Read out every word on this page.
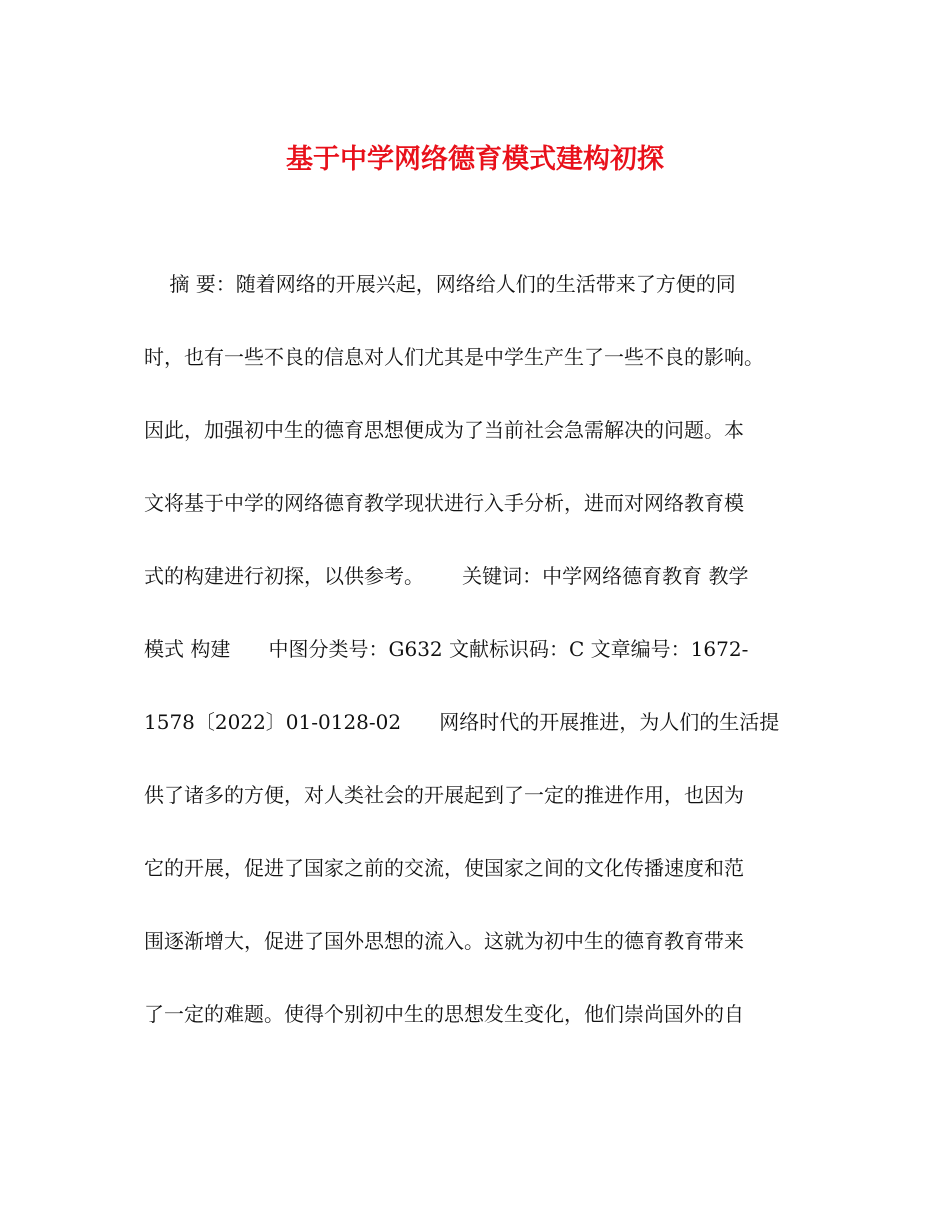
基于中学网络德育模式建构初探
摘 要：随着网络的开展兴起，网络给人们的生活带来了方便的同
时，也有一些不良的信息对人们尤其是中学生产生了一些不良的影响。
因此，加强初中生的德育思想便成为了当前社会急需解决的问题。本
文将基于中学的网络德育教学现状进行入手分析，进而对网络教育模
式的构建进行初探，以供参考。      关键词：中学网络德育教育 教学
模式 构建      中图分类号：G632 文献标识码：C 文章编号：1672-
1578〔2022〕01-0128-02      网络时代的开展推进，为人们的生活提
供了诸多的方便，对人类社会的开展起到了一定的推进作用，也因为
它的开展，促进了国家之前的交流，使国家之间的文化传播速度和范
围逐渐增大，促进了国外思想的流入。这就为初中生的德育教育带来
了一定的难题。使得个别初中生的思想发生变化，他们崇尚国外的自
